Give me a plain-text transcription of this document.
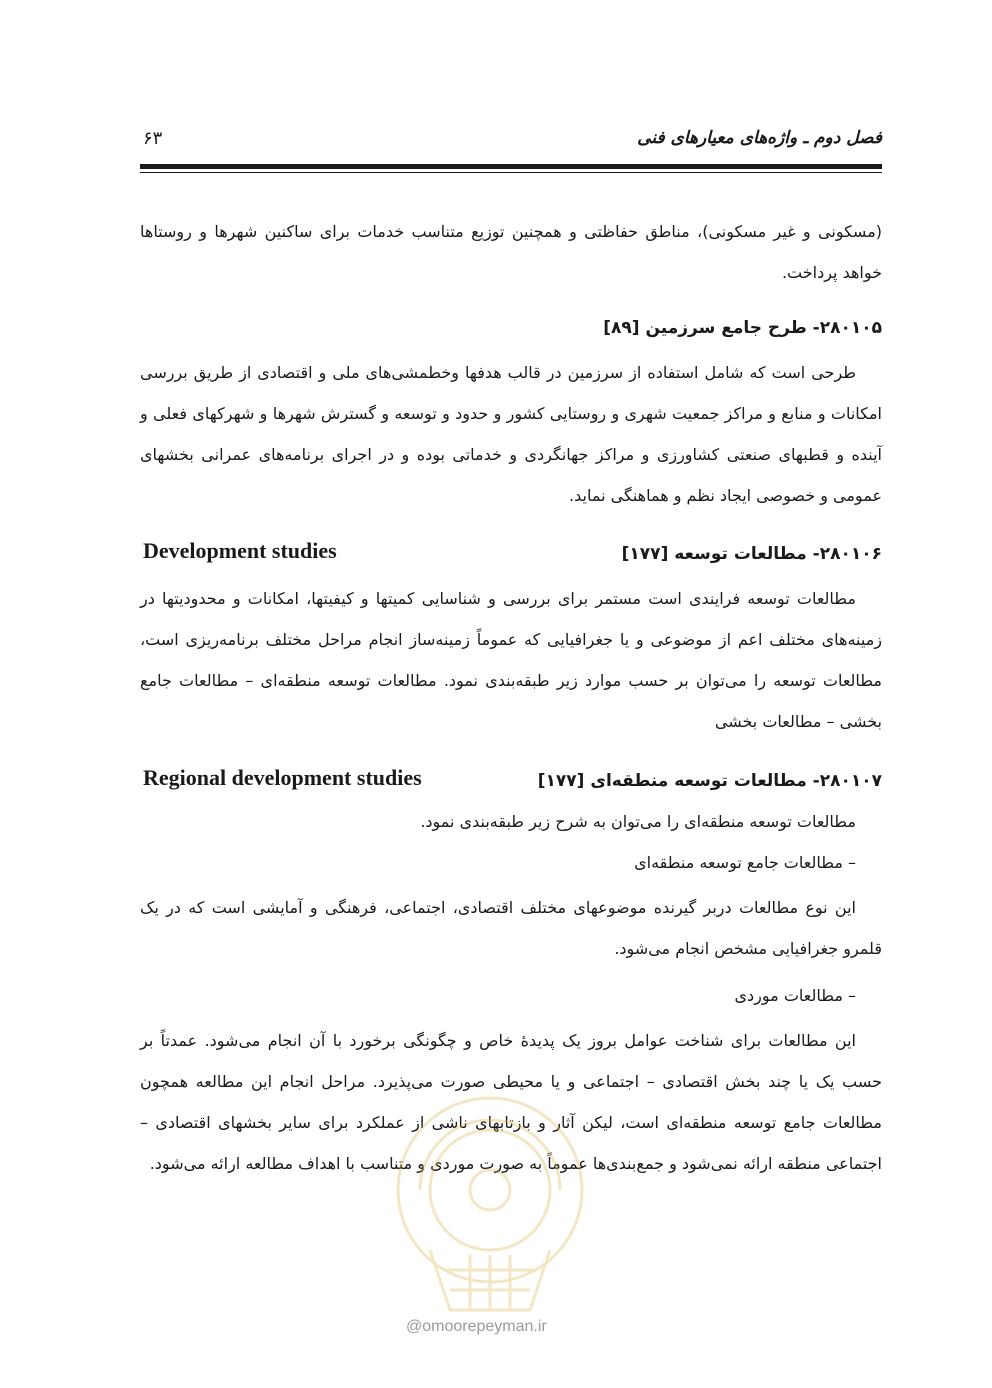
فصل دوم ـ واژه‌های معیارهای فنی
۶۳
(مسکونی و غیر مسکونی)، مناطق حفاظتی و همچنین توزیع متناسب خدمات برای ساکنین شهرها و روستاها خواهد پرداخت.
۲۸۰۱۰۵- طرح جامع سرزمین [۸۹]
طرحی است که شامل استفاده از سرزمین در قالب هدفها وخطمشی‌های ملی و اقتصادی از طریق بررسی امکانات و منابع و مراکز جمعیت شهری و روستایی کشور و حدود و توسعه و گسترش شهرها و شهرکهای فعلی و آینده و قطبهای صنعتی کشاورزی و مراکز جهانگردی و خدماتی بوده و در اجرای برنامه‌های عمرانی بخشهای عمومی و خصوصی ایجاد نظم و هماهنگی نماید.
۲۸۰۱۰۶- مطالعات توسعه [۱۷۷]
Development studies
مطالعات توسعه فرایندی است مستمر برای بررسی و شناسایی کمیتها و کیفیتها، امکانات و محدودیتها در زمینه‌های مختلف اعم از موضوعی و یا جغرافیایی که عموماً زمینه‌ساز انجام مراحل مختلف برنامه‌ریزی است، مطالعات توسعه را می‌توان بر حسب موارد زیر طبقه‌بندی نمود. مطالعات توسعه منطقه‌ای – مطالعات جامع بخشی – مطالعات بخشی
۲۸۰۱۰۷- مطالعات توسعه منطقه‌ای [۱۷۷]
Regional development studies
مطالعات توسعه منطقه‌ای را می‌توان به شرح زیر طبقه‌بندی نمود.
– مطالعات جامع توسعه منطقه‌ای
این نوع مطالعات دربر گیرنده موضوعهای مختلف اقتصادی، اجتماعی، فرهنگی و آمایشی است که در یک قلمرو جغرافیایی مشخص انجام می‌شود.
– مطالعات موردی
این مطالعات برای شناخت عوامل بروز یک پدیدهٔ خاص و چگونگی برخورد با آن انجام می‌شود. عمدتاً بر حسب یک یا چند بخش اقتصادی – اجتماعی و یا محیطی صورت می‌پذیرد. مراحل انجام این مطالعه همچون مطالعات جامع توسعه منطقه‌ای است، لیکن آثار و بازتابهای ناشی از عملکرد برای سایر بخشهای اقتصادی – اجتماعی منطقه ارائه نمی‌شود و جمع‌بندی‌ها عموماً به صورت موردی و متناسب با اهداف مطالعه ارائه می‌شود.
@omoorepeyman.ir
